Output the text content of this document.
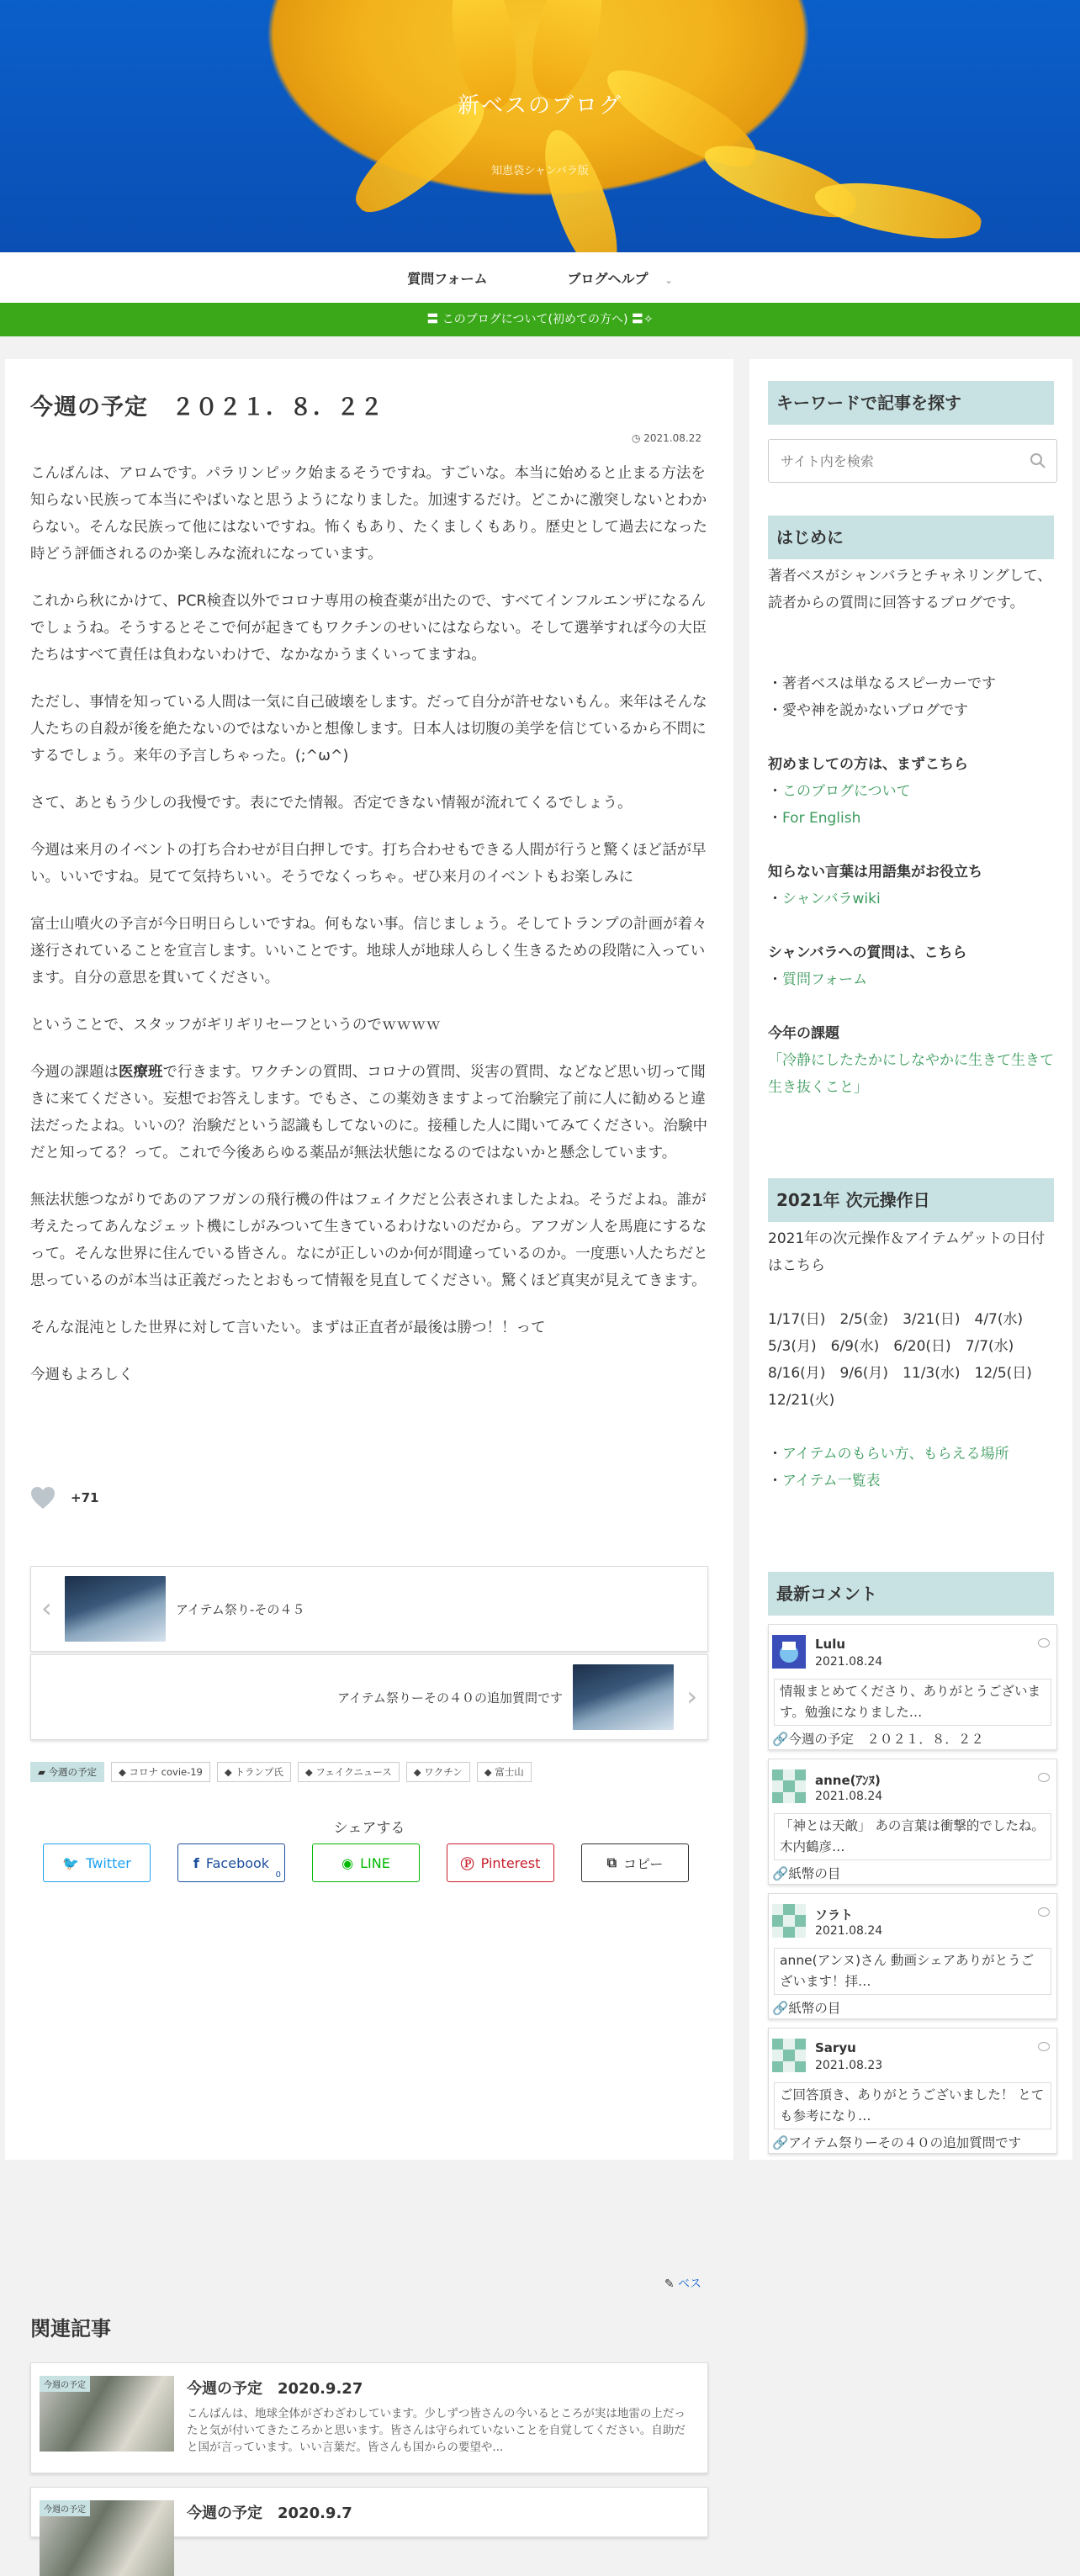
新ベスのブログ
知恵袋シャンバラ版
質問フォーム	ブログヘルプ ⌄
〓 このブログについて(初めての方へ) 〓✧
今週の予定　２０２１．８．２２
◷ 2021.08.22

こんばんは、アロムです。パラリンピック始まるそうですね。すごいな。本当に始めると止まる方法を知らない民族って本当にやばいなと思うようになりました。加速するだけ。どこかに激突しないとわからない。そんな民族って他にはないですね。怖くもあり、たくましくもあり。歴史として過去になった時どう評価されるのか楽しみな流れになっています。

これから秋にかけて、PCR検査以外でコロナ専用の検査薬が出たので、すべてインフルエンザになるんでしょうね。そうするとそこで何が起きてもワクチンのせいにはならない。そして選挙すれば今の大臣たちはすべて責任は負わないわけで、なかなかうまくいってますね。

ただし、事情を知っている人間は一気に自己破壊をします。だって自分が許せないもん。来年はそんな人たちの自殺が後を絶たないのではないかと想像します。日本人は切腹の美学を信じているから不問にするでしょう。来年の予言しちゃった。(;^ω^)

さて、あともう少しの我慢です。表にでた情報。否定できない情報が流れてくるでしょう。

今週は来月のイベントの打ち合わせが目白押しです。打ち合わせもできる人間が行うと驚くほど話が早い。いいですね。見てて気持ちいい。そうでなくっちゃ。ぜひ来月のイベントもお楽しみに

富士山噴火の予言が今日明日らしいですね。何もない事。信じましょう。そしてトランプの計画が着々遂行されていることを宣言します。いいことです。地球人が地球人らしく生きるための段階に入っています。自分の意思を貫いてください。

ということで、スタッフがギリギリセーフというのでｗｗｗｗ

今週の課題は医療班で行きます。ワクチンの質問、コロナの質問、災害の質問、などなど思い切って聞きに来てください。妄想でお答えします。でもさ、この薬効きますよって治験完了前に人に勧めると違法だったよね。いいの？治験だという認識もしてないのに。接種した人に聞いてみてください。治験中だと知ってる？って。これで今後あらゆる薬品が無法状態になるのではないかと懸念しています。

無法状態つながりであのアフガンの飛行機の件はフェイクだと公表されましたよね。そうだよね。誰が考えたってあんなジェット機にしがみついて生きているわけないのだから。アフガン人を馬鹿にするなって。そんな世界に住んでいる皆さん。なにが正しいのか何が間違っているのか。一度悪い人たちだと思っているのが本当は正義だったとおもって情報を見直してください。驚くほど真実が見えてきます。

そんな混沌とした世界に対して言いたい。まずは正直者が最後は勝つ！！って

今週もよろしく

+71
‹	アイテム祭り-その４５
アイテム祭りーその４０の追加質問です	›
▰ 今週の予定	◆ コロナ covie-19	◆ トランプ氏	◆ フェイクニュース	◆ ワクチン	◆ 富士山
シェアする
🐦 Twitter	f Facebook
0
◉ LINE	Ⓟ Pinterest	⧉ コピー
✎ ベス
関連記事
今週の予定	今週の予定　2020.9.27
こんばんは、地球全体がざわざわしています。少しずつ皆さんの今いるところが実は地雷の上だったと気が付いてきたころかと思います。皆さんは守られていないことを自覚してください。自助だと国が言っています。いい言葉だ。皆さんも国からの要望や...
今週の予定	今週の予定　2020.9.7
キーワードで記事を探す
サイト内を検索
はじめに
著者ベスがシャンバラとチャネリングして、読者からの質問に回答するブログです。
・著者ベスは単なるスピーカーです
・愛や神を説かないブログです
初めましての方は、まずこちら
・このブログについて
・For English
知らない言葉は用語集がお役立ち
・シャンバラwiki
シャンバラへの質問は、こちら
・質問フォーム
今年の課題
「冷静にしたたかにしなやかに生きて生きて生き抜くこと」
2021年 次元操作日
2021年の次元操作＆アイテムゲットの日付はこちら
1/17(日)　2/5(金)　3/21(日)　4/7(水)　5/3(月)　6/9(水)　6/20(日)　7/7(水)　8/16(月)　9/6(月)　11/3(水)　12/5(日)　12/21(火)
・アイテムのもらい方、もらえる場所
・アイテム一覧表
最新コメント
Lulu
2021.08.24
情報まとめてくださり、ありがとうございます。勉強になりました…
🔗今週の予定　２０２１．８．２２
anne(ｱﾝﾇ)
2021.08.24
「神とは天敵」 あの言葉は衝撃的でしたね。木内鶴彦…
🔗紙幣の目
ソラト
2021.08.24
anne(アンヌ)さん 動画シェアありがとうございます！拝…
🔗紙幣の目
Saryu
2021.08.23
ご回答頂き、ありがとうございました！ とても参考になり…
🔗アイテム祭りーその４０の追加質問です
